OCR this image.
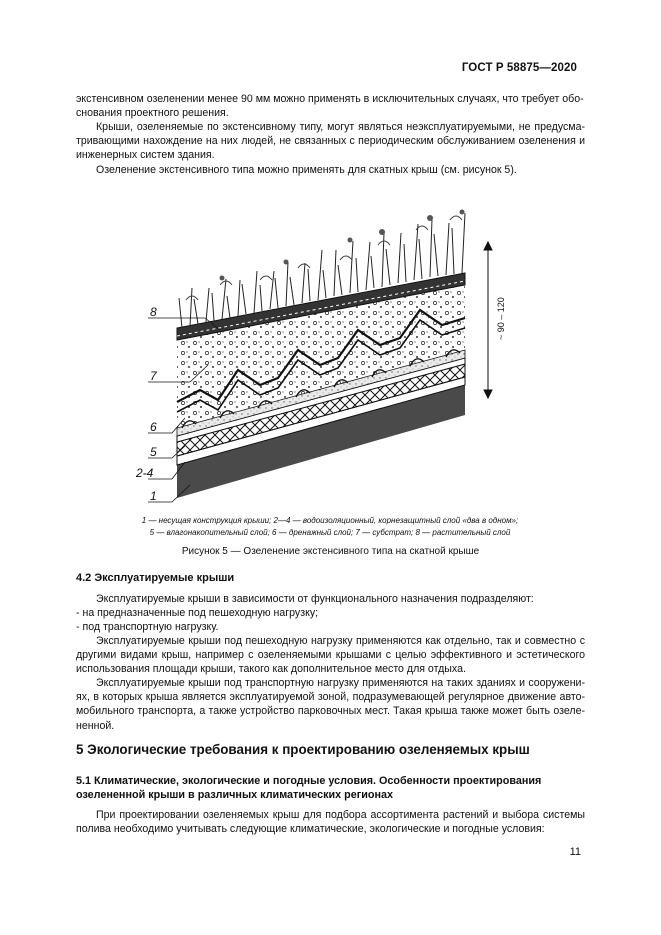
ГОСТ Р 58875—2020
экстенсивном озеленении менее 90 мм можно применять в исключительных случаях, что требует обо-
снования проектного решения.
Крыши, озеленяемые по экстенсивному типу, могут являться неэксплуатируемыми, не предусма-тривающими нахождение на них людей, не связанных с периодическим обслуживанием озеленения и инженерных систем здания.
Озеленение экстенсивного типа можно применять для скатных крыш (см. рисунок 5).
8
7
6
5
2-4
1
~ 90 – 120
1 — несущая конструкция крыши; 2—4 — водоизоляционный, корнезащитный слой «два в одном»;
5 — влагонакопительный слой; 6 — дренажный слой; 7 — субстрат; 8 — растительный слой
Рисунок 5 — Озеленение экстенсивного типа на скатной крыше
4.2 Эксплуатируемые крыши
Эксплуатируемые крыши в зависимости от функционального назначения подразделяют:
- на предназначенные под пешеходную нагрузку;
- под транспортную нагрузку.
Эксплуатируемые крыши под пешеходную нагрузку применяются как отдельно, так и совместно с другими видами крыш, например с озеленяемыми крышами с целью эффективного и эстетического использования площади крыши, такого как дополнительное место для отдыха.
Эксплуатируемые крыши под транспортную нагрузку применяются на таких зданиях и сооружени-ях, в которых крыша является эксплуатируемой зоной, подразумевающей регулярное движение авто-мобильного транспорта, а также устройство парковочных мест. Такая крыша также может быть озеле-ненной.
5 Экологические требования к проектированию озеленяемых крыш
5.1 Климатические, экологические и погодные условия. Особенности проектирования озелененной крыши в различных климатических регионах
При проектировании озеленяемых крыш для подбора ассортимента растений и выбора системы полива необходимо учитывать следующие климатические, экологические и погодные условия:
11
